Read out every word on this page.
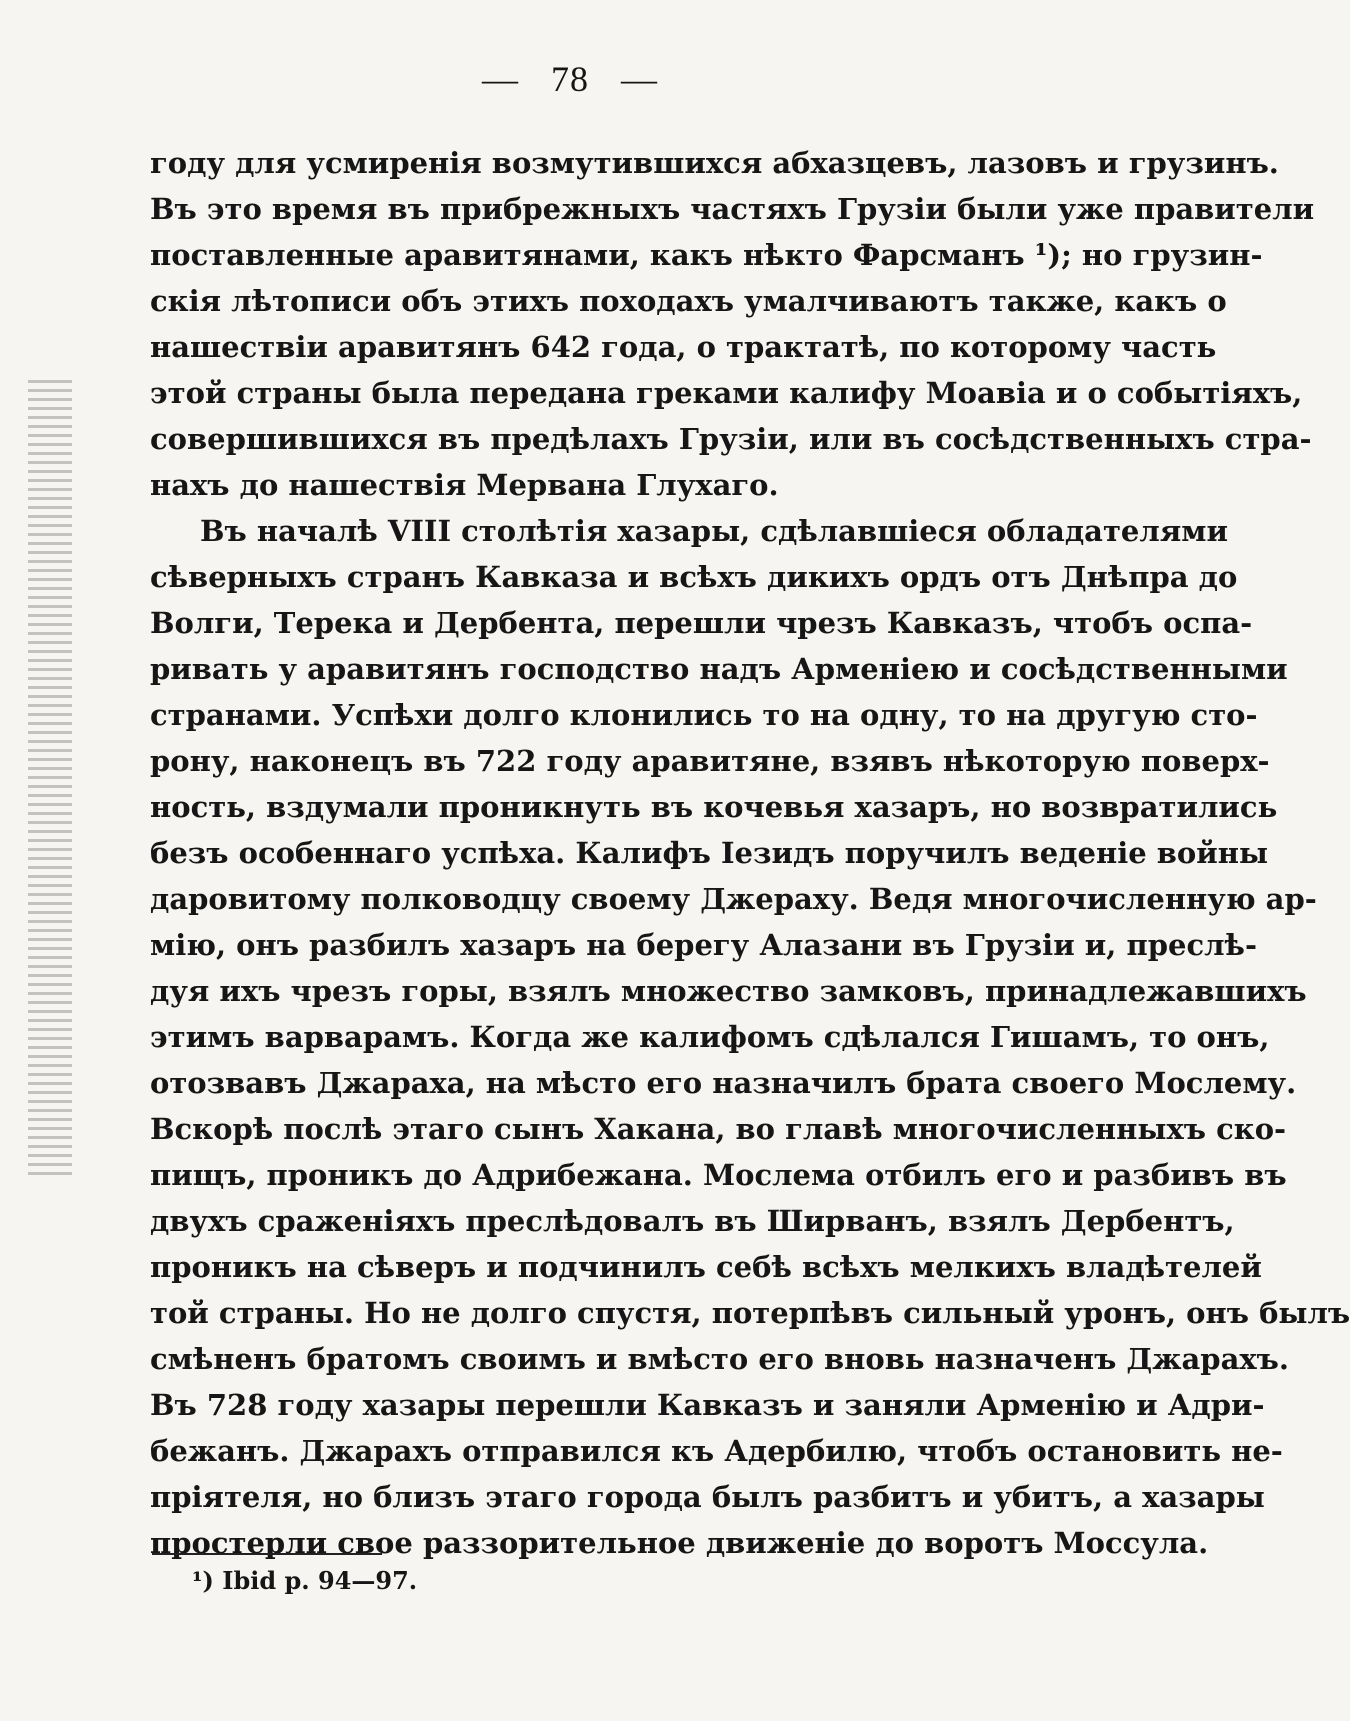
— 78 —
году для усмиренія возмутившихся абхазцевъ, лазовъ и грузинъ.
Въ это время въ прибрежныхъ частяхъ Грузіи были уже правители
поставленные аравитянами, какъ нѣкто Фарсманъ ¹); но грузин-
скія лѣтописи объ этихъ походахъ умалчиваютъ также, какъ о
нашествіи аравитянъ 642 года, о трактатѣ, по которому часть
этой страны была передана греками калифу Моавіа и о событіяхъ,
совершившихся въ предѣлахъ Грузіи, или въ сосѣдственныхъ стра-
нахъ до нашествія Мервана Глухаго.
Въ началѣ VIII столѣтія хазары, сдѣлавшіеся обладателями
сѣверныхъ странъ Кавказа и всѣхъ дикихъ ордъ отъ Днѣпра до
Волги, Терека и Дербента, перешли чрезъ Кавказъ, чтобъ оспа-
ривать у аравитянъ господство надъ Арменіею и сосѣдственными
странами. Успѣхи долго клонились то на одну, то на другую сто-
рону, наконецъ въ 722 году аравитяне, взявъ нѣкоторую поверх-
ность, вздумали проникнуть въ кочевья хазаръ, но возвратились
безъ особеннаго успѣха. Калифъ Іезидъ поручилъ веденіе войны
даровитому полководцу своему Джераху. Ведя многочисленную ар-
мію, онъ разбилъ хазаръ на берегу Алазани въ Грузіи и, преслѣ-
дуя ихъ чрезъ горы, взялъ множество замковъ, принадлежавшихъ
этимъ варварамъ. Когда же калифомъ сдѣлался Гишамъ, то онъ,
отозвавъ Джараха, на мѣсто его назначилъ брата своего Мослему.
Вскорѣ послѣ этаго сынъ Хакана, во главѣ многочисленныхъ ско-
пищъ, проникъ до Адрибежана. Мослема отбилъ его и разбивъ въ
двухъ сраженіяхъ преслѣдовалъ въ Ширванъ, взялъ Дербентъ,
проникъ на сѣверъ и подчинилъ себѣ всѣхъ мелкихъ владѣтелей
той страны. Но не долго спустя, потерпѣвъ сильный уронъ, онъ былъ
смѣненъ братомъ своимъ и вмѣсто его вновь назначенъ Джарахъ.
Въ 728 году хазары перешли Кавказъ и заняли Арменію и Адри-
бежанъ. Джарахъ отправился къ Адербилю, чтобъ остановить не-
пріятеля, но близъ этаго города былъ разбитъ и убитъ, а хазары
простерли свое раззорительное движеніе до воротъ Моссула.
¹) Ibid p. 94—97.
